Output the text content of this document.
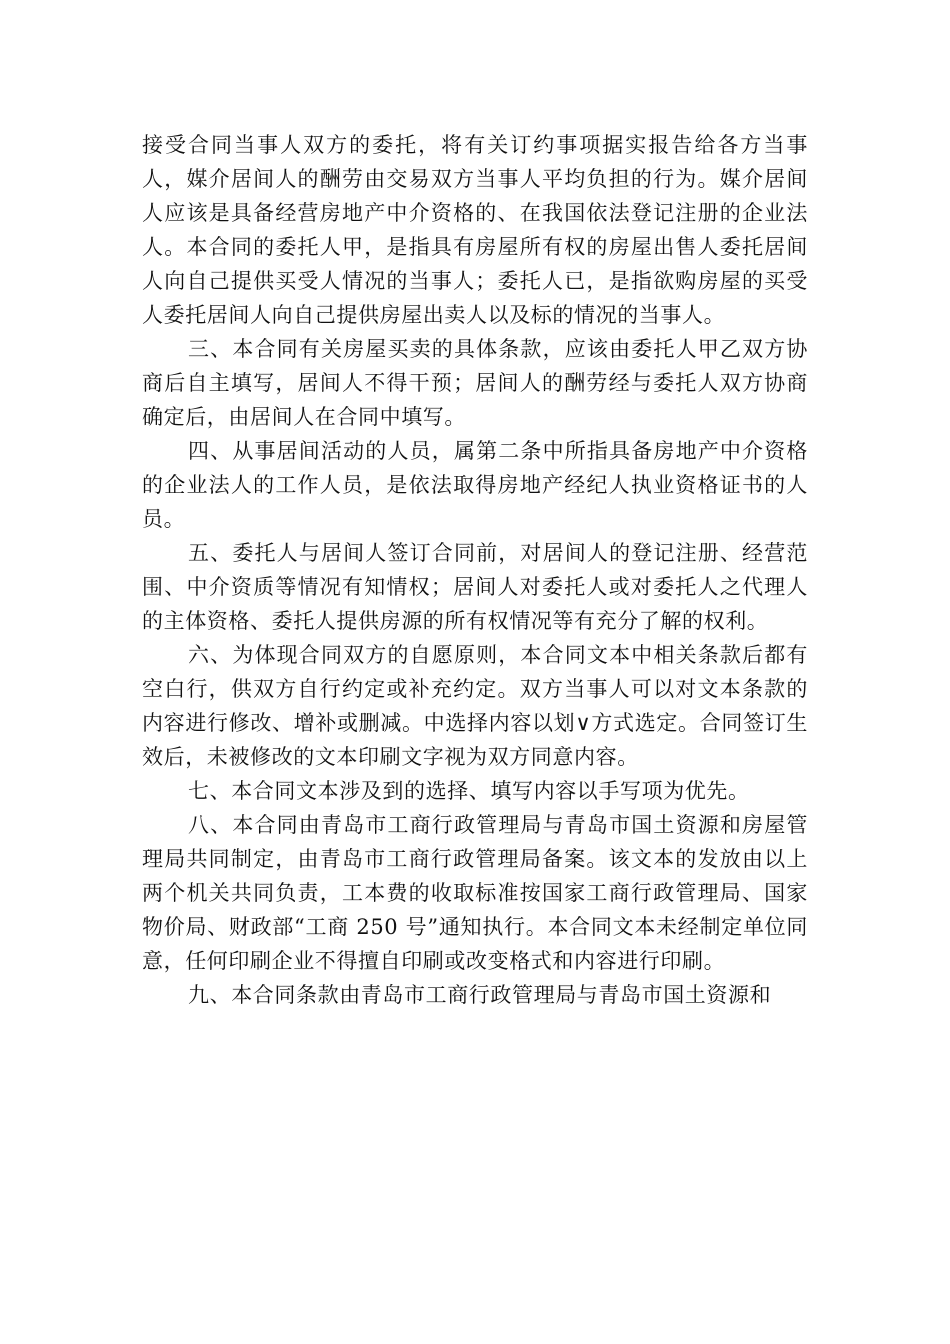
接受合同当事人双方的委托，将有关订约事项据实报告给各方当事人，媒介居间人的酬劳由交易双方当事人平均负担的行为。媒介居间人应该是具备经营房地产中介资格的、在我国依法登记注册的企业法人。本合同的委托人甲，是指具有房屋所有权的房屋出售人委托居间人向自己提供买受人情况的当事人；委托人已，是指欲购房屋的买受人委托居间人向自己提供房屋出卖人以及标的情况的当事人。

三、本合同有关房屋买卖的具体条款，应该由委托人甲乙双方协商后自主填写，居间人不得干预；居间人的酬劳经与委托人双方协商确定后，由居间人在合同中填写。

四、从事居间活动的人员，属第二条中所指具备房地产中介资格的企业法人的工作人员，是依法取得房地产经纪人执业资格证书的人员。

五、委托人与居间人签订合同前，对居间人的登记注册、经营范围、中介资质等情况有知情权；居间人对委托人或对委托人之代理人的主体资格、委托人提供房源的所有权情况等有充分了解的权利。

六、为体现合同双方的自愿原则，本合同文本中相关条款后都有空白行，供双方自行约定或补充约定。双方当事人可以对文本条款的内容进行修改、增补或删减。中选择内容以划∨方式选定。合同签订生效后，未被修改的文本印刷文字视为双方同意内容。

七、本合同文本涉及到的选择、填写内容以手写项为优先。

八、本合同由青岛市工商行政管理局与青岛市国土资源和房屋管理局共同制定，由青岛市工商行政管理局备案。该文本的发放由以上两个机关共同负责，工本费的收取标准按国家工商行政管理局、国家物价局、财政部“工商 250 号”通知执行。本合同文本未经制定单位同意，任何印刷企业不得擅自印刷或改变格式和内容进行印刷。

九、本合同条款由青岛市工商行政管理局与青岛市国土资源和
